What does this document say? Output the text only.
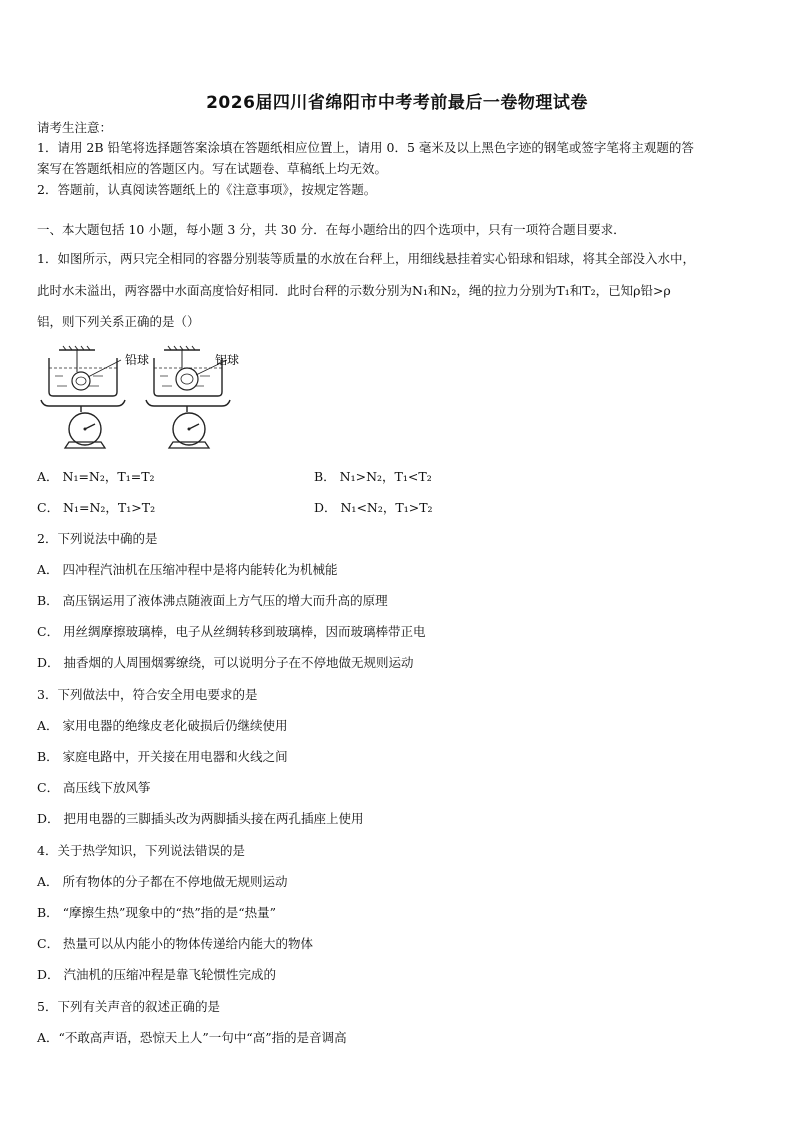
2026届四川省绵阳市中考考前最后一卷物理试卷
请考生注意：
1．请用 2B 铅笔将选择题答案涂填在答题纸相应位置上，请用 0．5 毫米及以上黑色字迹的钢笔或签字笔将主观题的答
案写在答题纸相应的答题区内。写在试题卷、草稿纸上均无效。
2．答题前，认真阅读答题纸上的《注意事项》，按规定答题。
一、本大题包括 10 小题，每小题 3 分，共 30 分．在每小题给出的四个选项中，只有一项符合题目要求．
1．如图所示，两只完全相同的容器分别装等质量的水放在台秤上，用细线悬挂着实心铅球和铝球，将其全部没入水中，
此时水未溢出，两容器中水面高度恰好相同．此时台秤的示数分别为N₁和N₂，绳的拉力分别为T₁和T₂，已知ρ铅>ρ
铝，则下列关系正确的是（）
铅球	铝球
A． N₁=N₂，T₁=T₂	B． N₁>N₂，T₁<T₂
C． N₁=N₂，T₁>T₂	D． N₁<N₂，T₁>T₂
2．下列说法中确的是
A． 四冲程汽油机在压缩冲程中是将内能转化为机械能
B． 高压锅运用了液体沸点随液面上方气压的增大而升高的原理
C． 用丝绸摩擦玻璃棒，电子从丝绸转移到玻璃棒，因而玻璃棒带正电
D． 抽香烟的人周围烟雾缭绕，可以说明分子在不停地做无规则运动
3．下列做法中，符合安全用电要求的是
A． 家用电器的绝缘皮老化破损后仍继续使用
B． 家庭电路中，开关接在用电器和火线之间
C． 高压线下放风筝
D． 把用电器的三脚插头改为两脚插头接在两孔插座上使用
4．关于热学知识，下列说法错误的是
A． 所有物体的分子都在不停地做无规则运动
B． “摩擦生热”现象中的“热”指的是“热量”
C． 热量可以从内能小的物体传递给内能大的物体
D． 汽油机的压缩冲程是靠飞轮惯性完成的
5．下列有关声音的叙述正确的是
A．“不敢高声语，恐惊天上人”一句中“高”指的是音调高
